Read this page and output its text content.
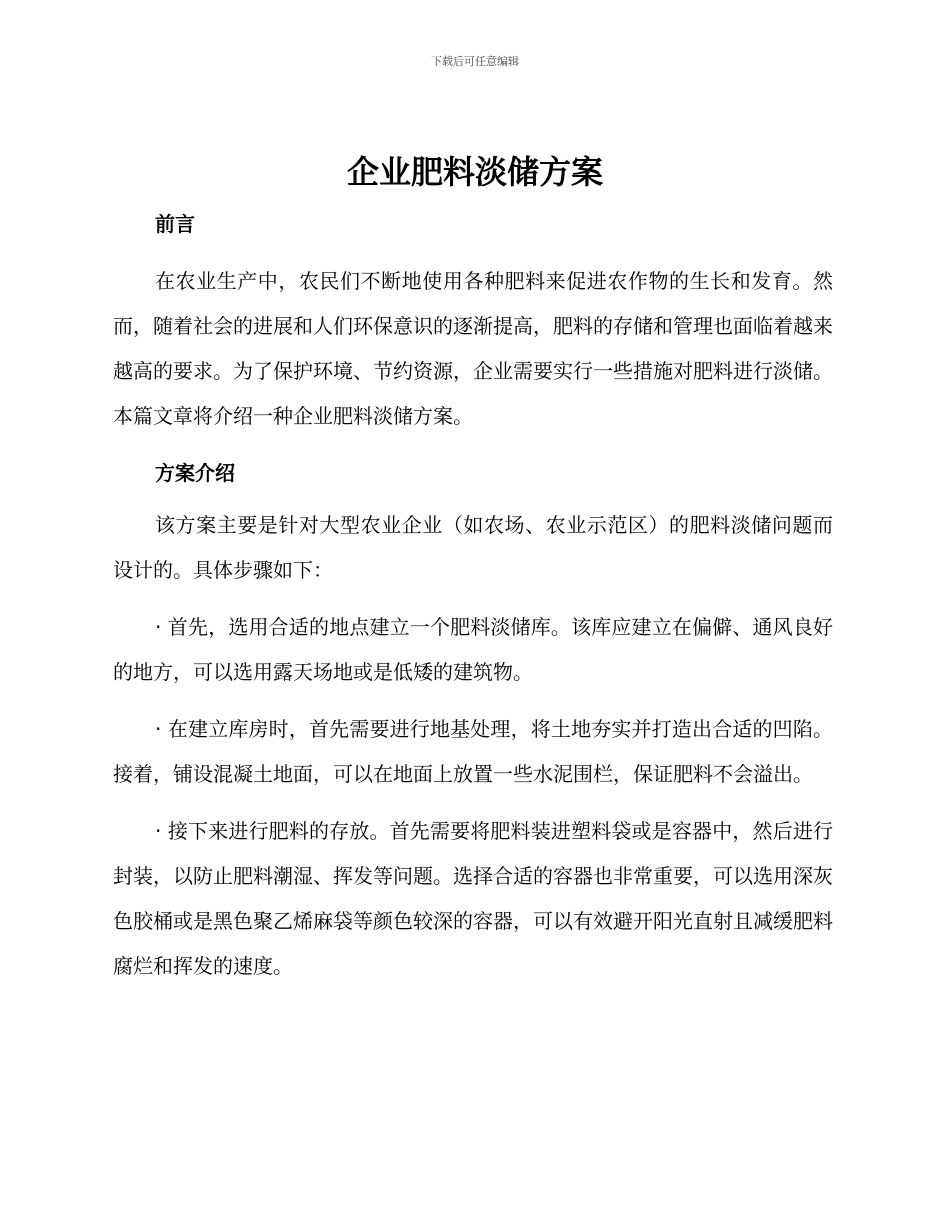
下载后可任意编辑
企业肥料淡储方案

前言

在农业生产中，农民们不断地使用各种肥料来促进农作物的生长和发育。然而，随着社会的进展和人们环保意识的逐渐提高，肥料的存储和管理也面临着越来越高的要求。为了保护环境、节约资源，企业需要实行一些措施对肥料进行淡储。本篇文章将介绍一种企业肥料淡储方案。

方案介绍

该方案主要是针对大型农业企业（如农场、农业示范区）的肥料淡储问题而设计的。具体步骤如下：

· 首先，选用合适的地点建立一个肥料淡储库。该库应建立在偏僻、通风良好的地方，可以选用露天场地或是低矮的建筑物。

· 在建立库房时，首先需要进行地基处理，将土地夯实并打造出合适的凹陷。接着，铺设混凝土地面，可以在地面上放置一些水泥围栏，保证肥料不会溢出。

· 接下来进行肥料的存放。首先需要将肥料装进塑料袋或是容器中，然后进行封装，以防止肥料潮湿、挥发等问题。选择合适的容器也非常重要，可以选用深灰色胶桶或是黑色聚乙烯麻袋等颜色较深的容器，可以有效避开阳光直射且减缓肥料腐烂和挥发的速度。
